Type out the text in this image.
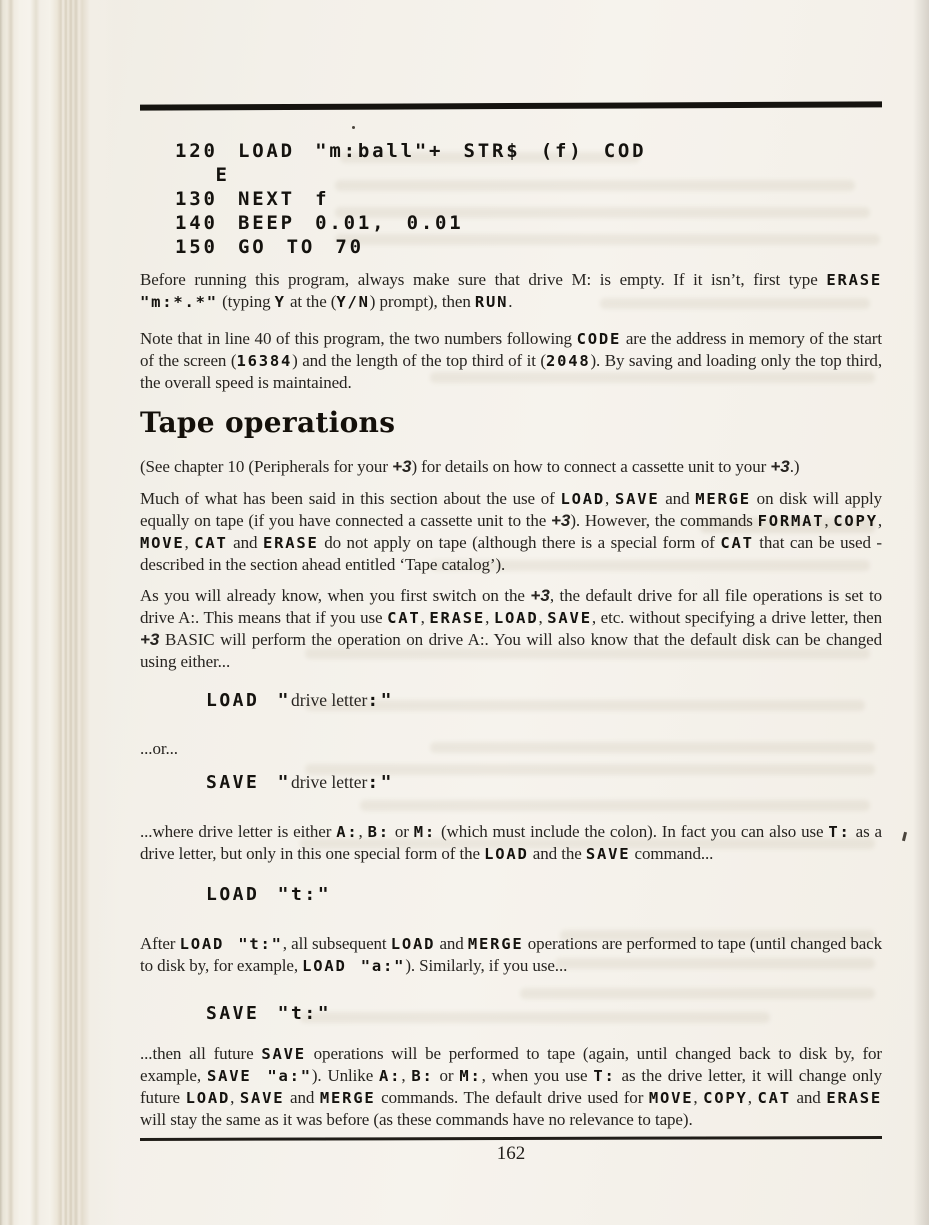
120 LOAD "m:ball"+ STR$ (f) COD
E
130 NEXT f
140 BEEP 0.01, 0.01
150 GO TO 70

Before running this program, always make sure that drive M: is empty. If it isn’t, first type ERASE "m:*.*" (typing Y at the (Y/N) prompt), then RUN.

Note that in line 40 of this program, the two numbers following CODE are the address in memory of the start of the screen (16384) and the length of the top third of it (2048). By saving and loading only the top third, the overall speed is maintained.

Tape operations

(See chapter 10 (Peripherals for your +3) for details on how to connect a cassette unit to your +3.)

Much of what has been said in this section about the use of LOAD, SAVE and MERGE on disk will apply equally on tape (if you have connected a cassette unit to the +3). However, the commands FORMAT, COPY, MOVE, CAT and ERASE do not apply on tape (although there is a special form of CAT that can be used - described in the section ahead entitled ‘Tape catalog’).

As you will already know, when you first switch on the +3, the default drive for all file operations is set to drive A:. This means that if you use CAT, ERASE, LOAD, SAVE, etc. without specifying a drive letter, then +3 BASIC will perform the operation on drive A:. You will also know that the default disk can be changed using either...

LOAD "drive letter:"

...or...

SAVE "drive letter:"

...where drive letter is either A:, B: or M: (which must include the colon). In fact you can also use T: as a drive letter, but only in this one special form of the LOAD and the SAVE command...

LOAD "t:"

After LOAD "t:", all subsequent LOAD and MERGE operations are performed to tape (until changed back to disk by, for example, LOAD "a:"). Similarly, if you use...

SAVE "t:"

...then all future SAVE operations will be performed to tape (again, until changed back to disk by, for example, SAVE "a:"). Unlike A:, B: or M:, when you use T: as the drive letter, it will change only future LOAD, SAVE and MERGE commands. The default drive used for MOVE, COPY, CAT and ERASE will stay the same as it was before (as these commands have no relevance to tape).

162
